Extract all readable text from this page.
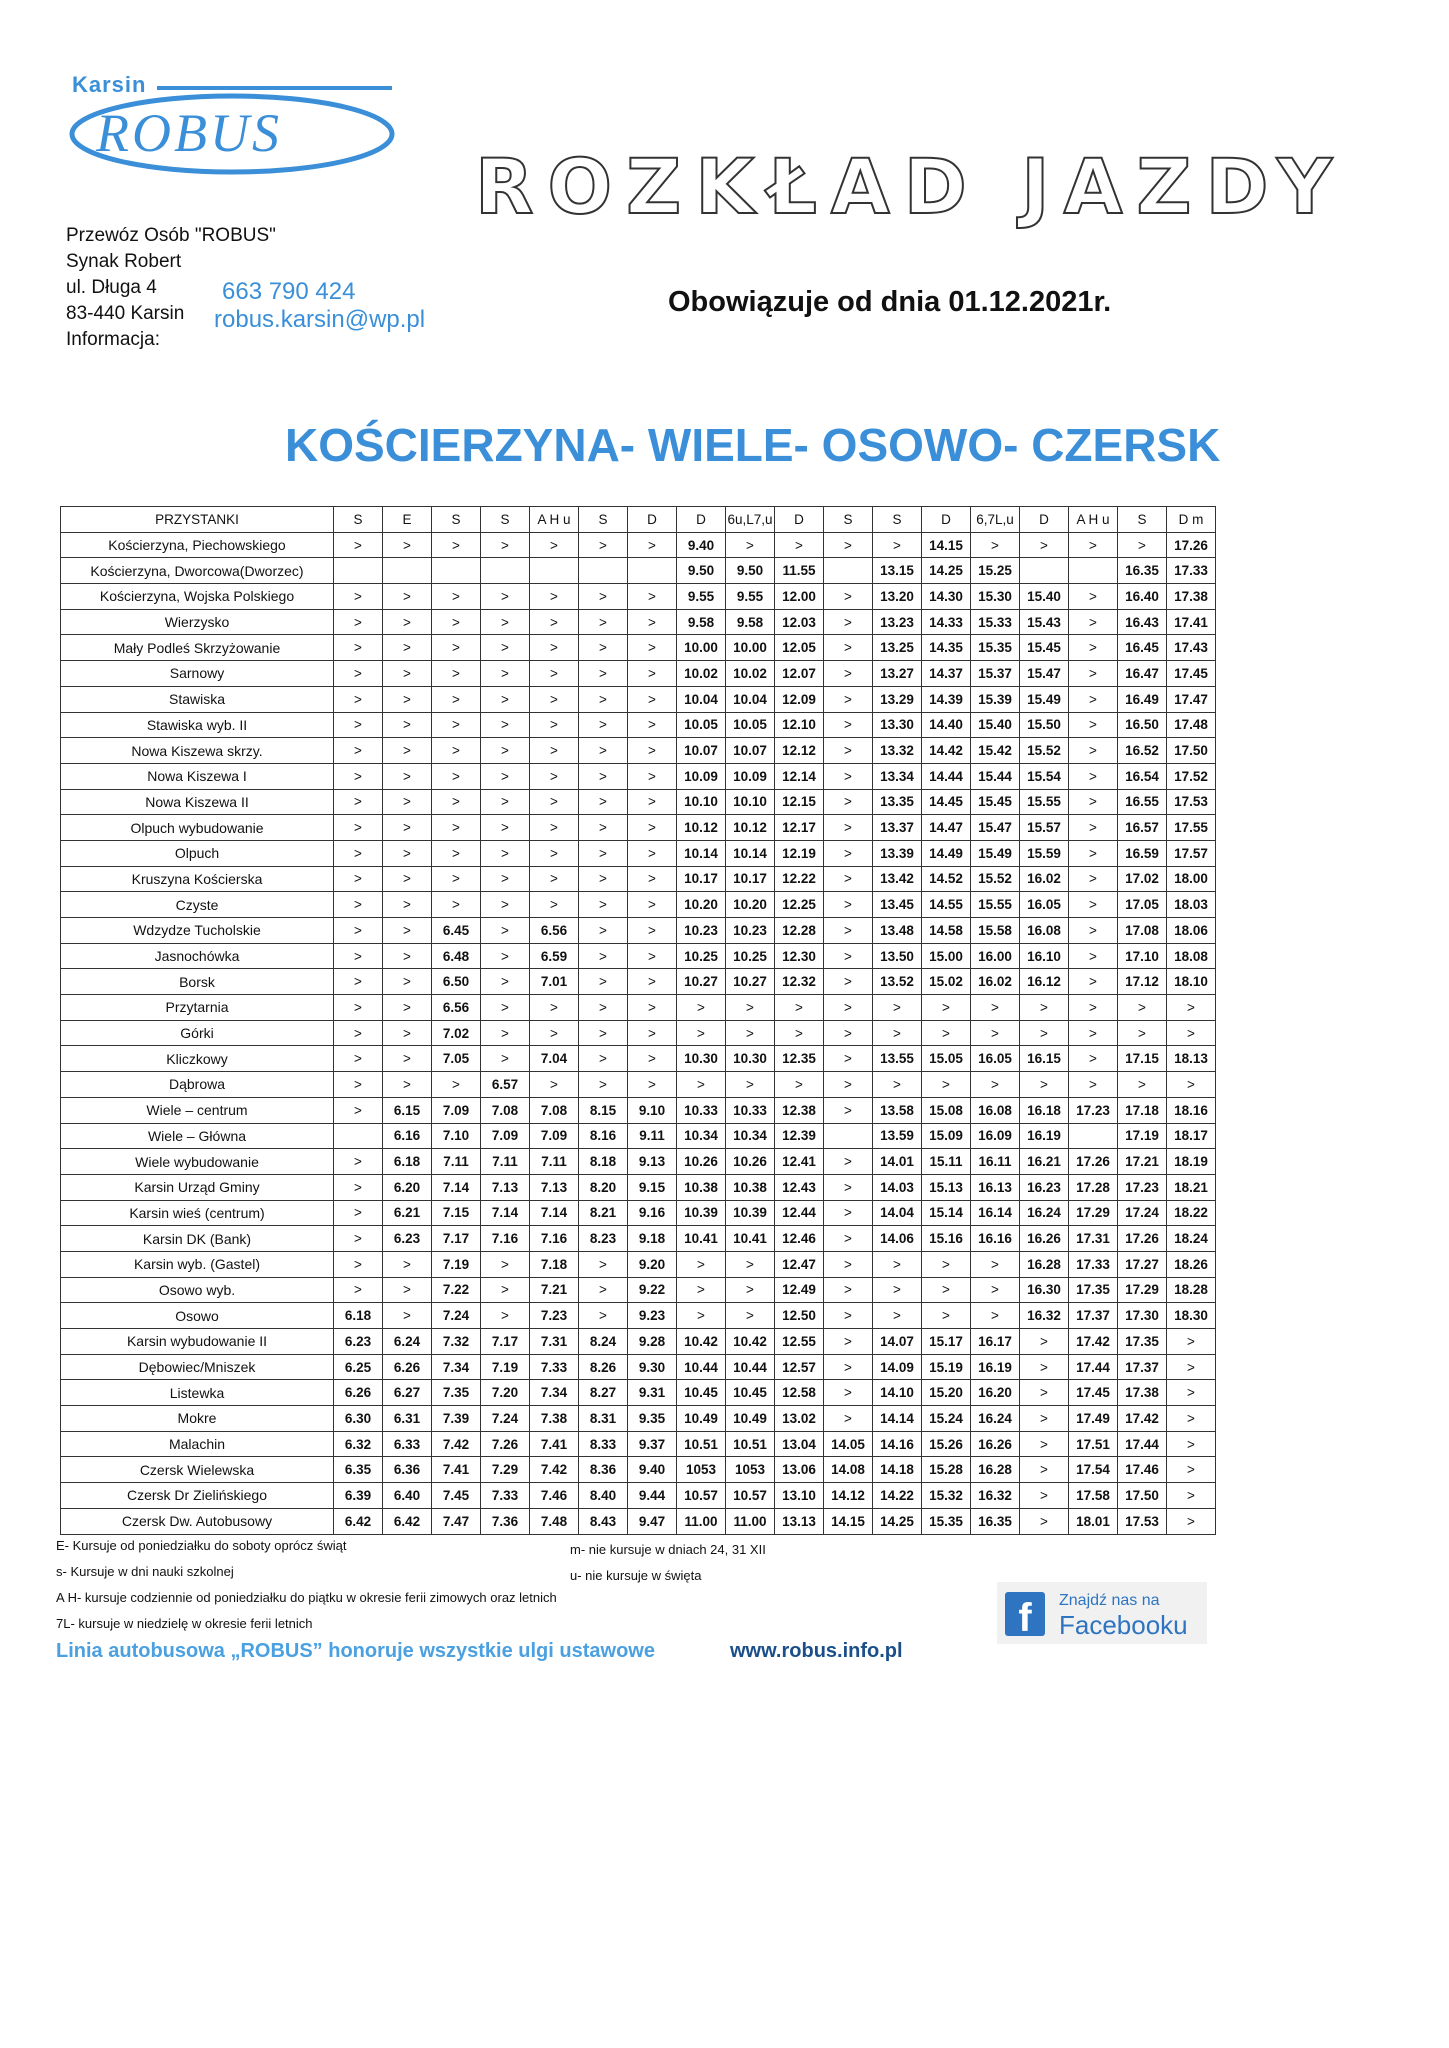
Karsin
ROBUS
ROZKŁAD JAZDY
Przewóz Osób "ROBUS"
Synak Robert
ul. Długa 4
83-440 Karsin
Informacja:
663 790 424
robus.karsin@wp.pl
Obowiązuje od dnia 01.12.2021r.
KOŚCIERZYNA- WIELE- OSOWO- CZERSK
PRZYSTANKI	S	E	S	S	A H u	S	D	D	6u,L7,u	D	S	S	D	6,7L,u	D	A H u	S	D m
Kościerzyna, Piechowskiego	>	>	>	>	>	>	>	9.40	>	>	>	>	14.15	>	>	>	>	17.26
Kościerzyna, Dworcowa(Dworzec)								9.50	9.50	11.55		13.15	14.25	15.25			16.35	17.33
Kościerzyna, Wojska Polskiego	>	>	>	>	>	>	>	9.55	9.55	12.00	>	13.20	14.30	15.30	15.40	>	16.40	17.38
Wierzysko	>	>	>	>	>	>	>	9.58	9.58	12.03	>	13.23	14.33	15.33	15.43	>	16.43	17.41
Mały Podleś Skrzyżowanie	>	>	>	>	>	>	>	10.00	10.00	12.05	>	13.25	14.35	15.35	15.45	>	16.45	17.43
Sarnowy	>	>	>	>	>	>	>	10.02	10.02	12.07	>	13.27	14.37	15.37	15.47	>	16.47	17.45
Stawiska	>	>	>	>	>	>	>	10.04	10.04	12.09	>	13.29	14.39	15.39	15.49	>	16.49	17.47
Stawiska wyb. II	>	>	>	>	>	>	>	10.05	10.05	12.10	>	13.30	14.40	15.40	15.50	>	16.50	17.48
Nowa Kiszewa skrzy.	>	>	>	>	>	>	>	10.07	10.07	12.12	>	13.32	14.42	15.42	15.52	>	16.52	17.50
Nowa Kiszewa I	>	>	>	>	>	>	>	10.09	10.09	12.14	>	13.34	14.44	15.44	15.54	>	16.54	17.52
Nowa Kiszewa II	>	>	>	>	>	>	>	10.10	10.10	12.15	>	13.35	14.45	15.45	15.55	>	16.55	17.53
Olpuch wybudowanie	>	>	>	>	>	>	>	10.12	10.12	12.17	>	13.37	14.47	15.47	15.57	>	16.57	17.55
Olpuch	>	>	>	>	>	>	>	10.14	10.14	12.19	>	13.39	14.49	15.49	15.59	>	16.59	17.57
Kruszyna Kościerska	>	>	>	>	>	>	>	10.17	10.17	12.22	>	13.42	14.52	15.52	16.02	>	17.02	18.00
Czyste	>	>	>	>	>	>	>	10.20	10.20	12.25	>	13.45	14.55	15.55	16.05	>	17.05	18.03
Wdzydze Tucholskie	>	>	6.45	>	6.56	>	>	10.23	10.23	12.28	>	13.48	14.58	15.58	16.08	>	17.08	18.06
Jasnochówka	>	>	6.48	>	6.59	>	>	10.25	10.25	12.30	>	13.50	15.00	16.00	16.10	>	17.10	18.08
Borsk	>	>	6.50	>	7.01	>	>	10.27	10.27	12.32	>	13.52	15.02	16.02	16.12	>	17.12	18.10
Przytarnia	>	>	6.56	>	>	>	>	>	>	>	>	>	>	>	>	>	>	>
Górki	>	>	7.02	>	>	>	>	>	>	>	>	>	>	>	>	>	>	>
Kliczkowy	>	>	7.05	>	7.04	>	>	10.30	10.30	12.35	>	13.55	15.05	16.05	16.15	>	17.15	18.13
Dąbrowa	>	>	>	6.57	>	>	>	>	>	>	>	>	>	>	>	>	>	>
Wiele – centrum	>	6.15	7.09	7.08	7.08	8.15	9.10	10.33	10.33	12.38	>	13.58	15.08	16.08	16.18	17.23	17.18	18.16
Wiele – Główna		6.16	7.10	7.09	7.09	8.16	9.11	10.34	10.34	12.39		13.59	15.09	16.09	16.19		17.19	18.17
Wiele wybudowanie	>	6.18	7.11	7.11	7.11	8.18	9.13	10.26	10.26	12.41	>	14.01	15.11	16.11	16.21	17.26	17.21	18.19
Karsin Urząd Gminy	>	6.20	7.14	7.13	7.13	8.20	9.15	10.38	10.38	12.43	>	14.03	15.13	16.13	16.23	17.28	17.23	18.21
Karsin wieś (centrum)	>	6.21	7.15	7.14	7.14	8.21	9.16	10.39	10.39	12.44	>	14.04	15.14	16.14	16.24	17.29	17.24	18.22
Karsin DK (Bank)	>	6.23	7.17	7.16	7.16	8.23	9.18	10.41	10.41	12.46	>	14.06	15.16	16.16	16.26	17.31	17.26	18.24
Karsin wyb. (Gastel)	>	>	7.19	>	7.18	>	9.20	>	>	12.47	>	>	>	>	16.28	17.33	17.27	18.26
Osowo wyb.	>	>	7.22	>	7.21	>	9.22	>	>	12.49	>	>	>	>	16.30	17.35	17.29	18.28
Osowo	6.18	>	7.24	>	7.23	>	9.23	>	>	12.50	>	>	>	>	16.32	17.37	17.30	18.30
Karsin wybudowanie II	6.23	6.24	7.32	7.17	7.31	8.24	9.28	10.42	10.42	12.55	>	14.07	15.17	16.17	>	17.42	17.35	>
Dębowiec/Mniszek	6.25	6.26	7.34	7.19	7.33	8.26	9.30	10.44	10.44	12.57	>	14.09	15.19	16.19	>	17.44	17.37	>
Listewka	6.26	6.27	7.35	7.20	7.34	8.27	9.31	10.45	10.45	12.58	>	14.10	15.20	16.20	>	17.45	17.38	>
Mokre	6.30	6.31	7.39	7.24	7.38	8.31	9.35	10.49	10.49	13.02	>	14.14	15.24	16.24	>	17.49	17.42	>
Malachin	6.32	6.33	7.42	7.26	7.41	8.33	9.37	10.51	10.51	13.04	14.05	14.16	15.26	16.26	>	17.51	17.44	>
Czersk Wielewska	6.35	6.36	7.41	7.29	7.42	8.36	9.40	1053	1053	13.06	14.08	14.18	15.28	16.28	>	17.54	17.46	>
Czersk Dr Zielińskiego	6.39	6.40	7.45	7.33	7.46	8.40	9.44	10.57	10.57	13.10	14.12	14.22	15.32	16.32	>	17.58	17.50	>
Czersk Dw. Autobusowy	6.42	6.42	7.47	7.36	7.48	8.43	9.47	11.00	11.00	13.13	14.15	14.25	15.35	16.35	>	18.01	17.53	>
E- Kursuje od poniedziałku do soboty oprócz świąt
s- Kursuje w dni nauki szkolnej
A H- kursuje codziennie od poniedziałku do piątku w okresie ferii zimowych oraz letnich
7L- kursuje w niedzielę w okresie ferii letnich
m- nie kursuje w dniach 24, 31 XII
u- nie kursuje w święta
Linia autobusowa „ROBUS” honoruje wszystkie ulgi ustawowe	www.robus.info.pl
f	Znajdź nas na
Facebooku
